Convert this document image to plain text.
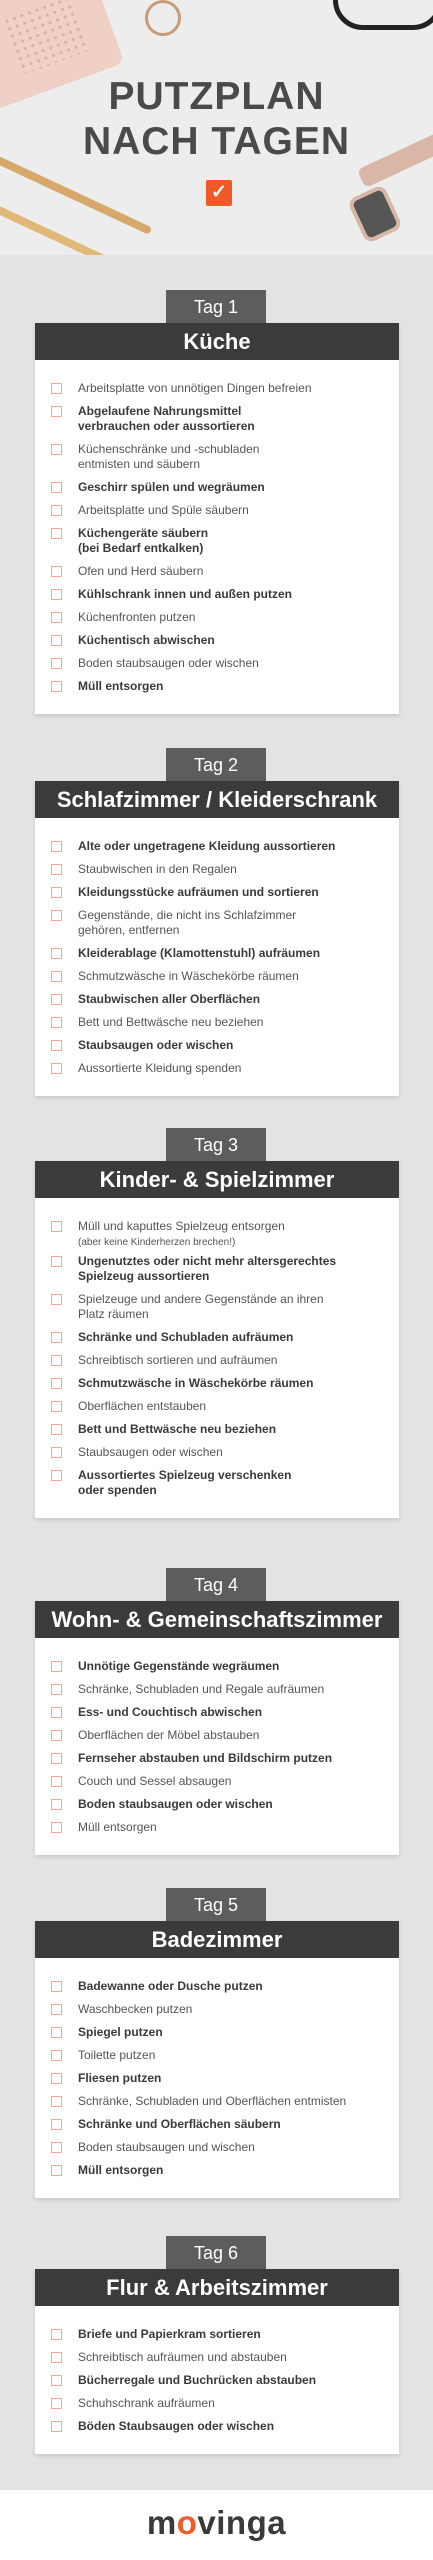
PUTZPLAN
NACH TAGEN
✓
Tag 1
Küche
Arbeitsplatte von unnötigen Dingen befreien
Abgelaufene Nahrungsmittel
verbrauchen oder aussortieren
Küchenschränke und -schubladen
entmisten und säubern
Geschirr spülen und wegräumen
Arbeitsplatte und Spüle säubern
Küchengeräte säubern
(bei Bedarf entkalken)
Ofen und Herd säubern
Kühlschrank innen und außen putzen
Küchenfronten putzen
Küchentisch abwischen
Boden staubsaugen oder wischen
Müll entsorgen
Tag 2
Schlafzimmer / Kleiderschrank
Alte oder ungetragene Kleidung aussortieren
Staubwischen in den Regalen
Kleidungsstücke aufräumen und sortieren
Gegenstände, die nicht ins Schlafzimmer
gehören, entfernen
Kleiderablage (Klamottenstuhl) aufräumen
Schmutzwäsche in Wäschekörbe räumen
Staubwischen aller Oberflächen
Bett und Bettwäsche neu beziehen
Staubsaugen oder wischen
Aussortierte Kleidung spenden
Tag 3
Kinder- & Spielzimmer
Müll und kaputtes Spielzeug entsorgen
(aber keine Kinderherzen brechen!)
Ungenutztes oder nicht mehr altersgerechtes
Spielzeug aussortieren
Spielzeuge und andere Gegenstände an ihren
Platz räumen
Schränke und Schubladen aufräumen
Schreibtisch sortieren und aufräumen
Schmutzwäsche in Wäschekörbe räumen
Oberflächen entstauben
Bett und Bettwäsche neu beziehen
Staubsaugen oder wischen
Aussortiertes Spielzeug verschenken
oder spenden
Tag 4
Wohn- & Gemeinschaftszimmer
Unnötige Gegenstände wegräumen
Schränke, Schubladen und Regale aufräumen
Ess- und Couchtisch abwischen
Oberflächen der Möbel abstauben
Fernseher abstauben und Bildschirm putzen
Couch und Sessel absaugen
Boden staubsaugen oder wischen
Müll entsorgen
Tag 5
Badezimmer
Badewanne oder Dusche putzen
Waschbecken putzen
Spiegel putzen
Toilette putzen
Fliesen putzen
Schränke, Schubladen und Oberflächen entmisten
Schränke und Oberflächen säubern
Boden staubsaugen und wischen
Müll entsorgen
Tag 6
Flur & Arbeitszimmer
Briefe und Papierkram sortieren
Schreibtisch aufräumen und abstauben
Bücherregale und Buchrücken abstauben
Schuhschrank aufräumen
Böden Staubsaugen oder wischen
movinga
